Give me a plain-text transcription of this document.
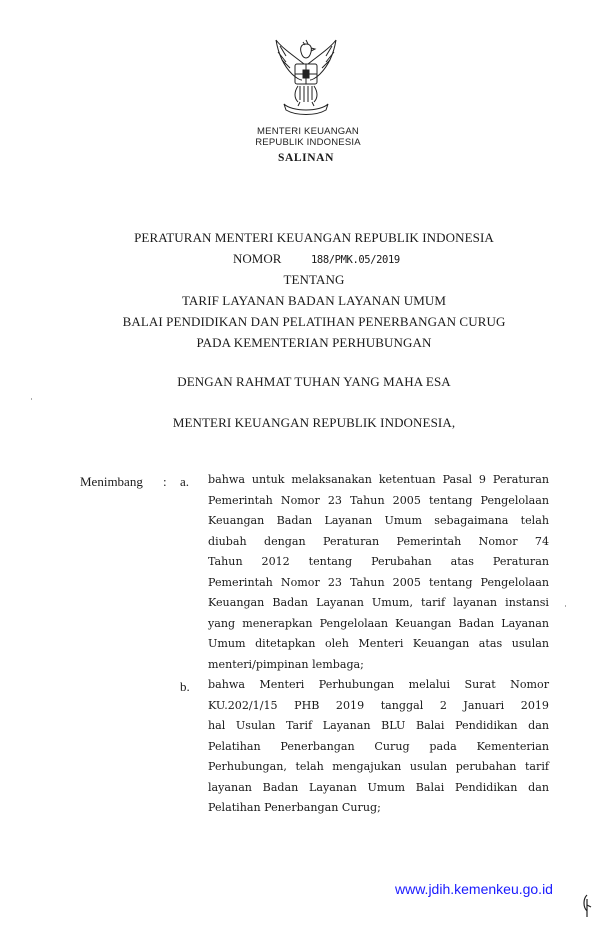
MENTERI KEUANGAN
REPUBLIK INDONESIA
SALINAN
PERATURAN MENTERI KEUANGAN REPUBLIK INDONESIA
NOMOR	188/PMK.05/2019
TENTANG
TARIF LAYANAN BADAN LAYANAN UMUM
BALAI PENDIDIKAN DAN PELATIHAN PENERBANGAN CURUG
PADA KEMENTERIAN PERHUBUNGAN
DENGAN RAHMAT TUHAN YANG MAHA ESA
MENTERI KEUANGAN REPUBLIK INDONESIA,
Menimbang : a. bahwa untuk melaksanakan ketentuan Pasal 9 Peraturan
Pemerintah Nomor 23 Tahun 2005 tentang Pengelolaan
Keuangan Badan Layanan Umum sebagaimana telah
diubah dengan Peraturan Pemerintah Nomor 74
Tahun 2012 tentang Perubahan atas Peraturan
Pemerintah Nomor 23 Tahun 2005 tentang Pengelolaan
Keuangan Badan Layanan Umum, tarif layanan instansi
yang menerapkan Pengelolaan Keuangan Badan Layanan
Umum ditetapkan oleh Menteri Keuangan atas usulan
menteri/pimpinan lembaga;
b. bahwa Menteri Perhubungan melalui Surat Nomor
KU.202/1/15 PHB 2019 tanggal 2 Januari 2019
hal Usulan Tarif Layanan BLU Balai Pendidikan dan
Pelatihan Penerbangan Curug pada Kementerian
Perhubungan, telah mengajukan usulan perubahan tarif
layanan Badan Layanan Umum Balai Pendidikan dan
Pelatihan Penerbangan Curug;
www.jdih.kemenkeu.go.id
